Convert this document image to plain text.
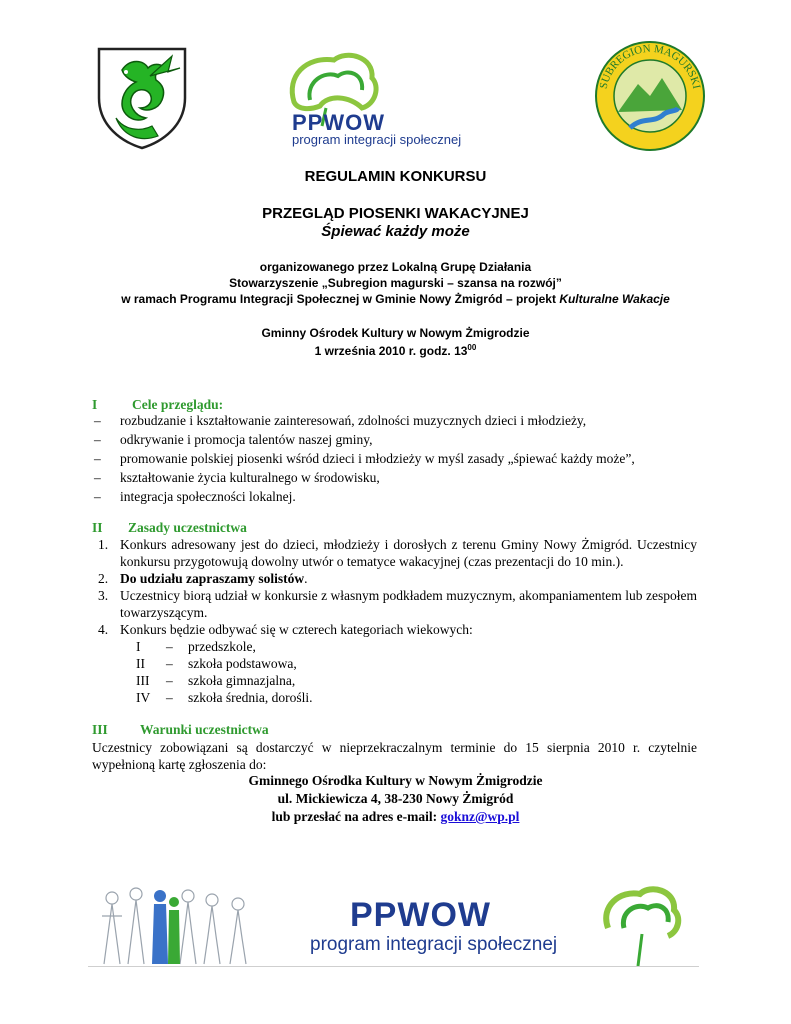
PPWOW
program integracji społecznej
SUBREGION MAGURSKI
REGULAMIN KONKURSU
PRZEGLĄD PIOSENKI WAKACYJNEJ
Śpiewać każdy może
organizowanego przez Lokalną Grupę Działania
Stowarzyszenie „Subregion magurski – szansa na rozwój”
w ramach Programu Integracji Społecznej w Gminie Nowy Żmigród – projekt Kulturalne Wakacje
Gminny Ośrodek Kultury w Nowym Żmigrodzie
1 września 2010 r. godz. $13^{00}$
I	Cele przeglądu:
– rozbudzanie i kształtowanie zainteresowań, zdolności muzycznych dzieci i młodzieży,
– odkrywanie i promocja talentów naszej gminy,
– promowanie polskiej piosenki wśród dzieci i młodzieży w myśl zasady „śpiewać każdy może”,
– kształtowanie życia kulturalnego w środowisku,
– integracja społeczności lokalnej.
II Zasady uczestnictwa
1. Konkurs adresowany jest do dzieci, młodzieży i dorosłych z terenu Gminy Nowy Żmigród. Uczestnicy konkursu przygotowują dowolny utwór o tematyce wakacyjnej (czas prezentacji do 10 min.).
2. Do udziału zapraszamy solistów.
3. Uczestnicy biorą udział w konkursie z własnym podkładem muzycznym, akompaniamentem lub zespołem towarzyszącym.
4. Konkurs będzie odbywać się w czterech kategoriach wiekowych:
I	–	przedszkole,
II	–	szkoła podstawowa,
III	–	szkoła gimnazjalna,
IV	–	szkoła średnia, dorośli.
III Warunki uczestnictwa
Uczestnicy zobowiązani są dostarczyć w nieprzekraczalnym terminie do 15 sierpnia 2010 r. czytelnie wypełnioną kartę zgłoszenia do:
Gminnego Ośrodka Kultury w Nowym Żmigrodzie
ul. Mickiewicza 4, 38-230 Nowy Żmigród
lub przesłać na adres e-mail: goknz@wp.pl
PPWOW
program integracji społecznej
